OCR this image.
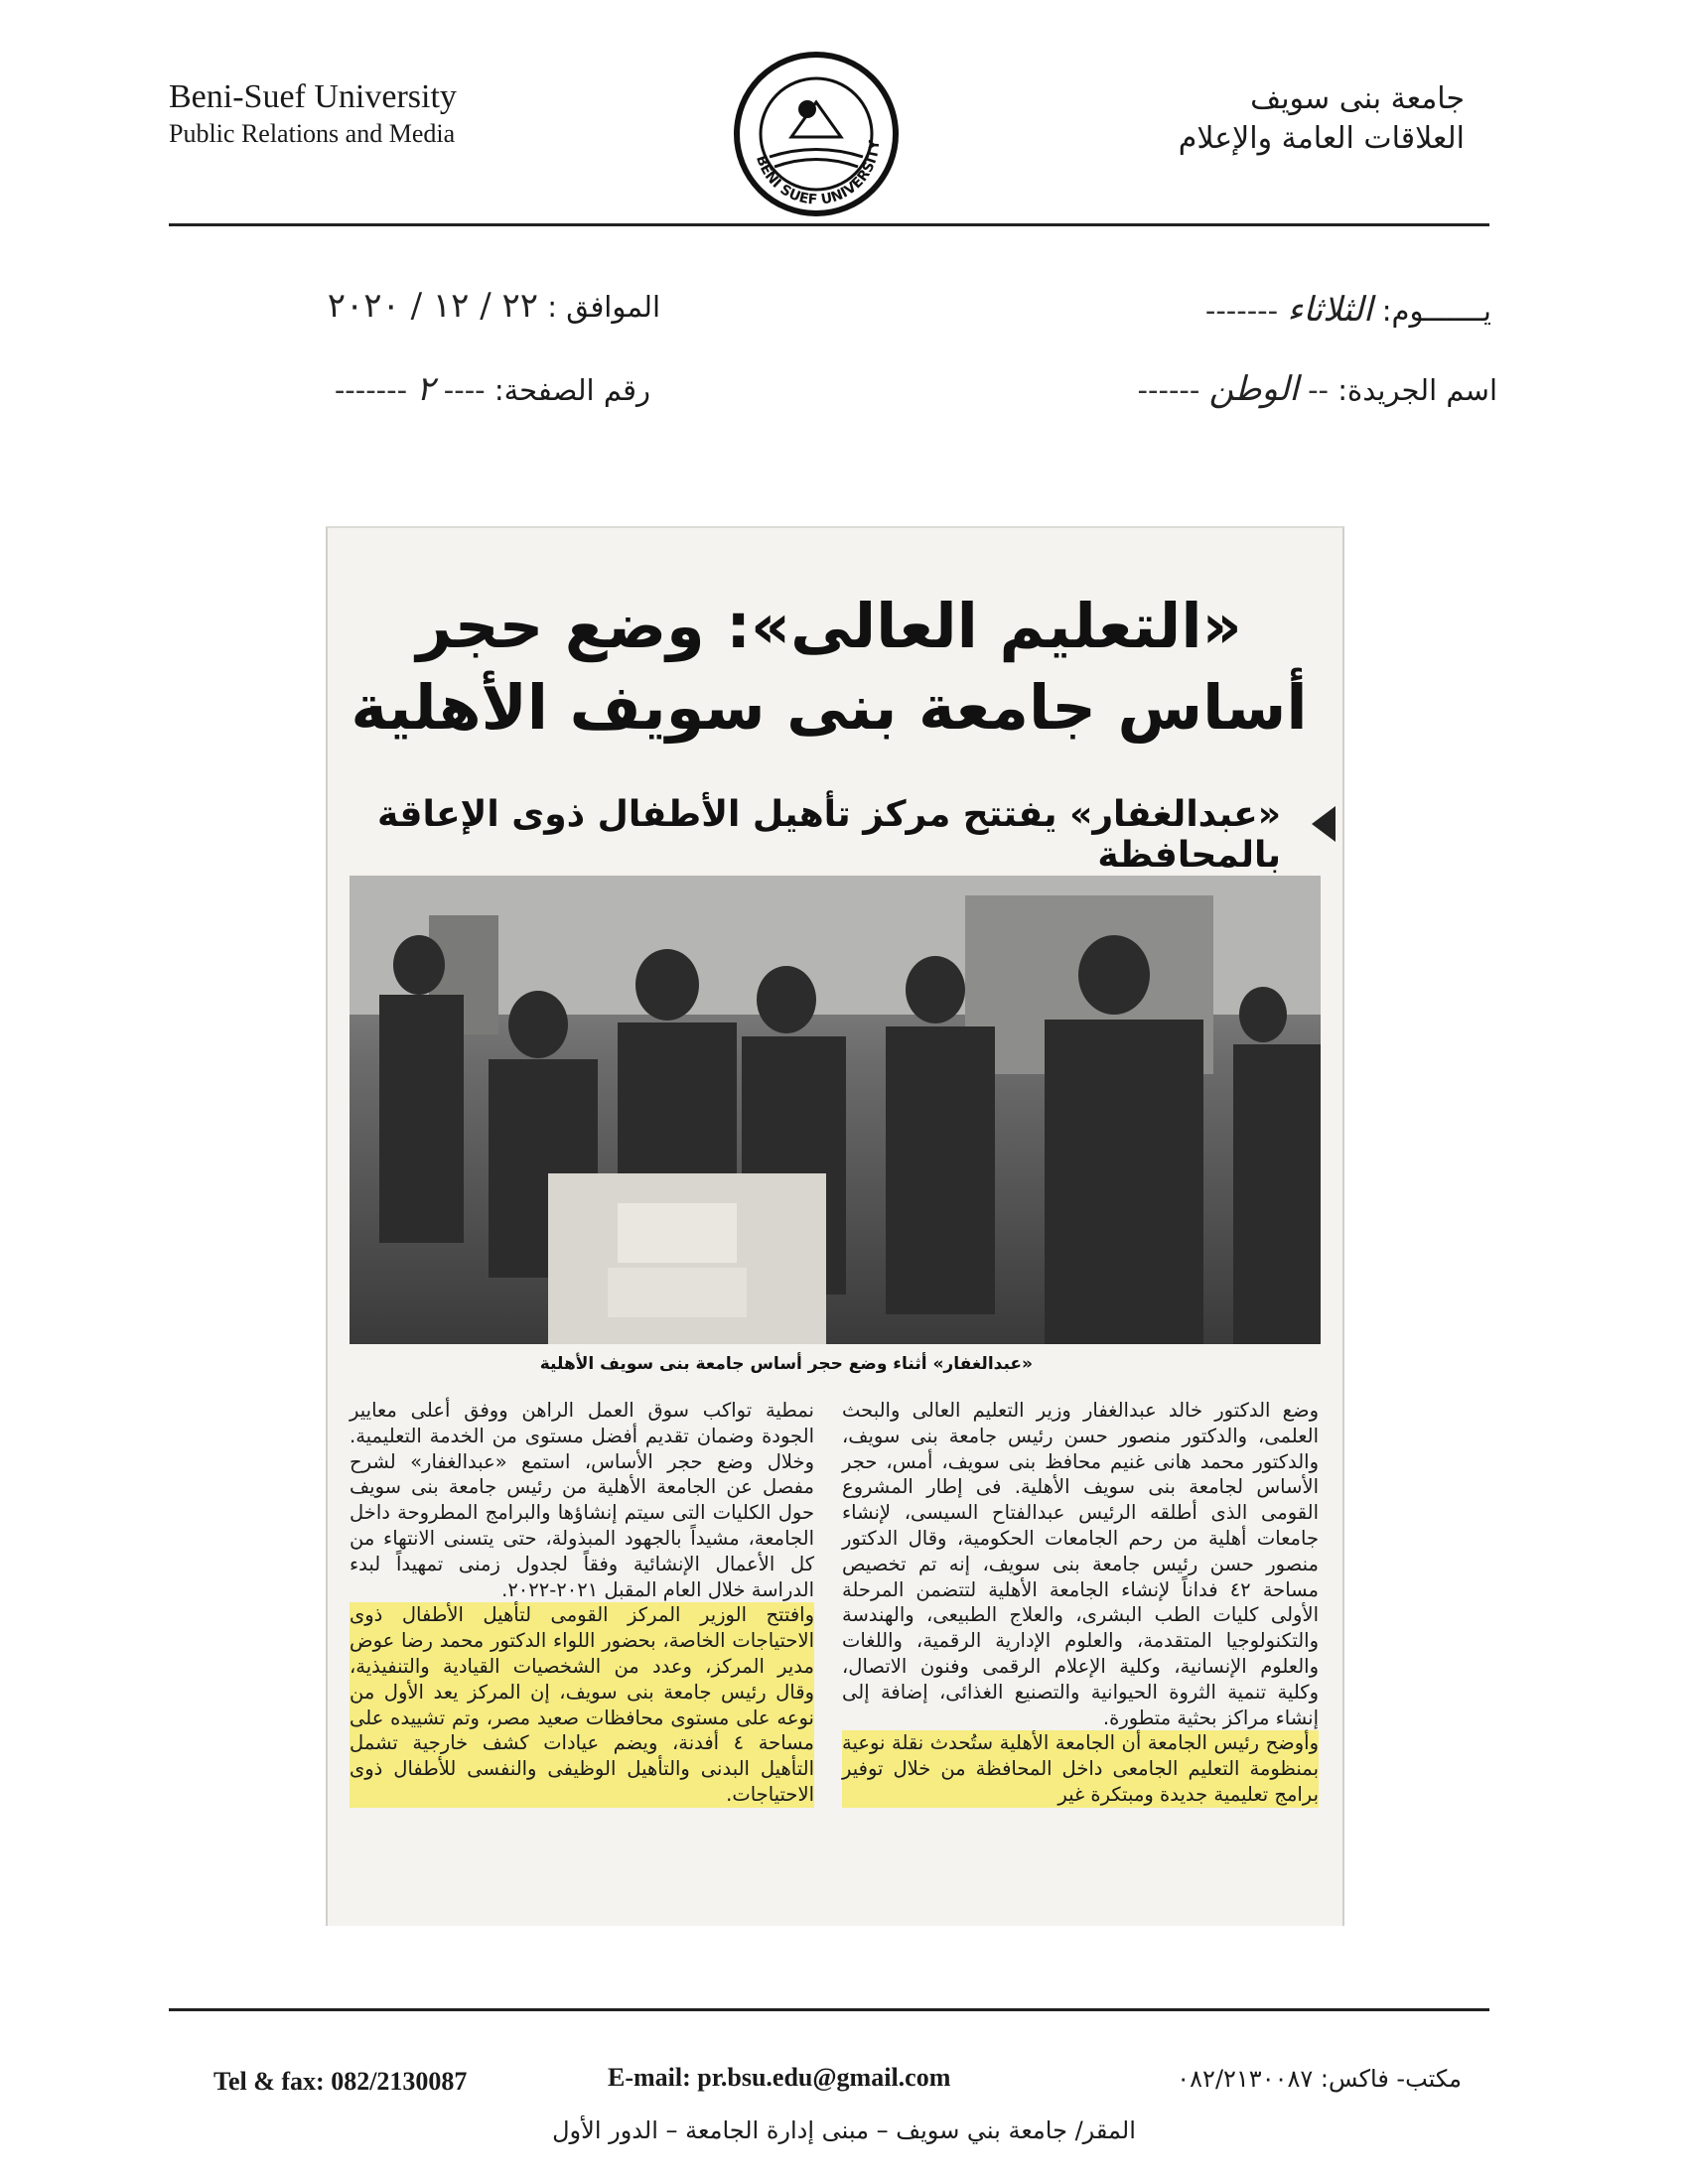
Beni-Suef University
Public Relations and Media
BENI SUEF UNIVERSITY
جامعة بنى سويف
العلاقات العامة والإعلام
يـــــــوم: الثلاثاء -------
الموافق : ٢٢ / ١٢ / ٢٠٢٠
اسم الجريدة: -- الوطن ------
رقم الصفحة: ---- ٢ -------
«التعليم العالى»: وضع حجر
أساس جامعة بنى سويف الأهلية
«عبدالغفار» يفتتح مركز تأهيل الأطفال ذوى الإعاقة بالمحافظة
«عبدالغفار» أثناء وضع حجر أساس جامعة بنى سويف الأهلية

وضع الدكتور خالد عبدالغفار وزير التعليم العالى والبحث العلمى، والدكتور منصور حسن رئيس جامعة بنى سويف، والدكتور محمد هانى غنيم محافظ بنى سويف، أمس، حجر الأساس لجامعة بنى سويف الأهلية. فى إطار المشروع القومى الذى أطلقه الرئيس عبدالفتاح السيسى، لإنشاء جامعات أهلية من رحم الجامعات الحكومية، وقال الدكتور منصور حسن رئيس جامعة بنى سويف، إنه تم تخصيص مساحة ٤٢ فداناً لإنشاء الجامعة الأهلية لتتضمن المرحلة الأولى كليات الطب البشرى، والعلاج الطبيعى، والهندسة والتكنولوجيا المتقدمة، والعلوم الإدارية الرقمية، واللغات والعلوم الإنسانية، وكلية الإعلام الرقمى وفنون الاتصال، وكلية تنمية الثروة الحيوانية والتصنيع الغذائى، إضافة إلى إنشاء مراكز بحثية متطورة.

وأوضح رئيس الجامعة أن الجامعة الأهلية ستُحدث نقلة نوعية بمنظومة التعليم الجامعى داخل المحافظة من خلال توفير برامج تعليمية جديدة ومبتكرة غير

نمطية تواكب سوق العمل الراهن ووفق أعلى معايير الجودة وضمان تقديم أفضل مستوى من الخدمة التعليمية. وخلال وضع حجر الأساس، استمع «عبدالغفار» لشرح مفصل عن الجامعة الأهلية من رئيس جامعة بنى سويف حول الكليات التى سيتم إنشاؤها والبرامج المطروحة داخل الجامعة، مشيداً بالجهود المبذولة، حتى يتسنى الانتهاء من كل الأعمال الإنشائية وفقاً لجدول زمنى تمهيداً لبدء الدراسة خلال العام المقبل ٢٠٢١-٢٠٢٢.

وافتتح الوزير المركز القومى لتأهيل الأطفال ذوى الاحتياجات الخاصة، بحضور اللواء الدكتور محمد رضا عوض مدير المركز، وعدد من الشخصيات القيادية والتنفيذية، وقال رئيس جامعة بنى سويف، إن المركز يعد الأول من نوعه على مستوى محافظات صعيد مصر، وتم تشييده على مساحة ٤ أفدنة، ويضم عيادات كشف خارجية تشمل التأهيل البدنى والتأهيل الوظيفى والنفسى للأطفال ذوى الاحتياجات.

Tel & fax: 082/2130087	E-mail: pr.bsu.edu@gmail.com	مكتب- فاكس: ٠٨٢/٢١٣٠٠٨٧
المقر/ جامعة بني سويف – مبنى إدارة الجامعة – الدور الأول
